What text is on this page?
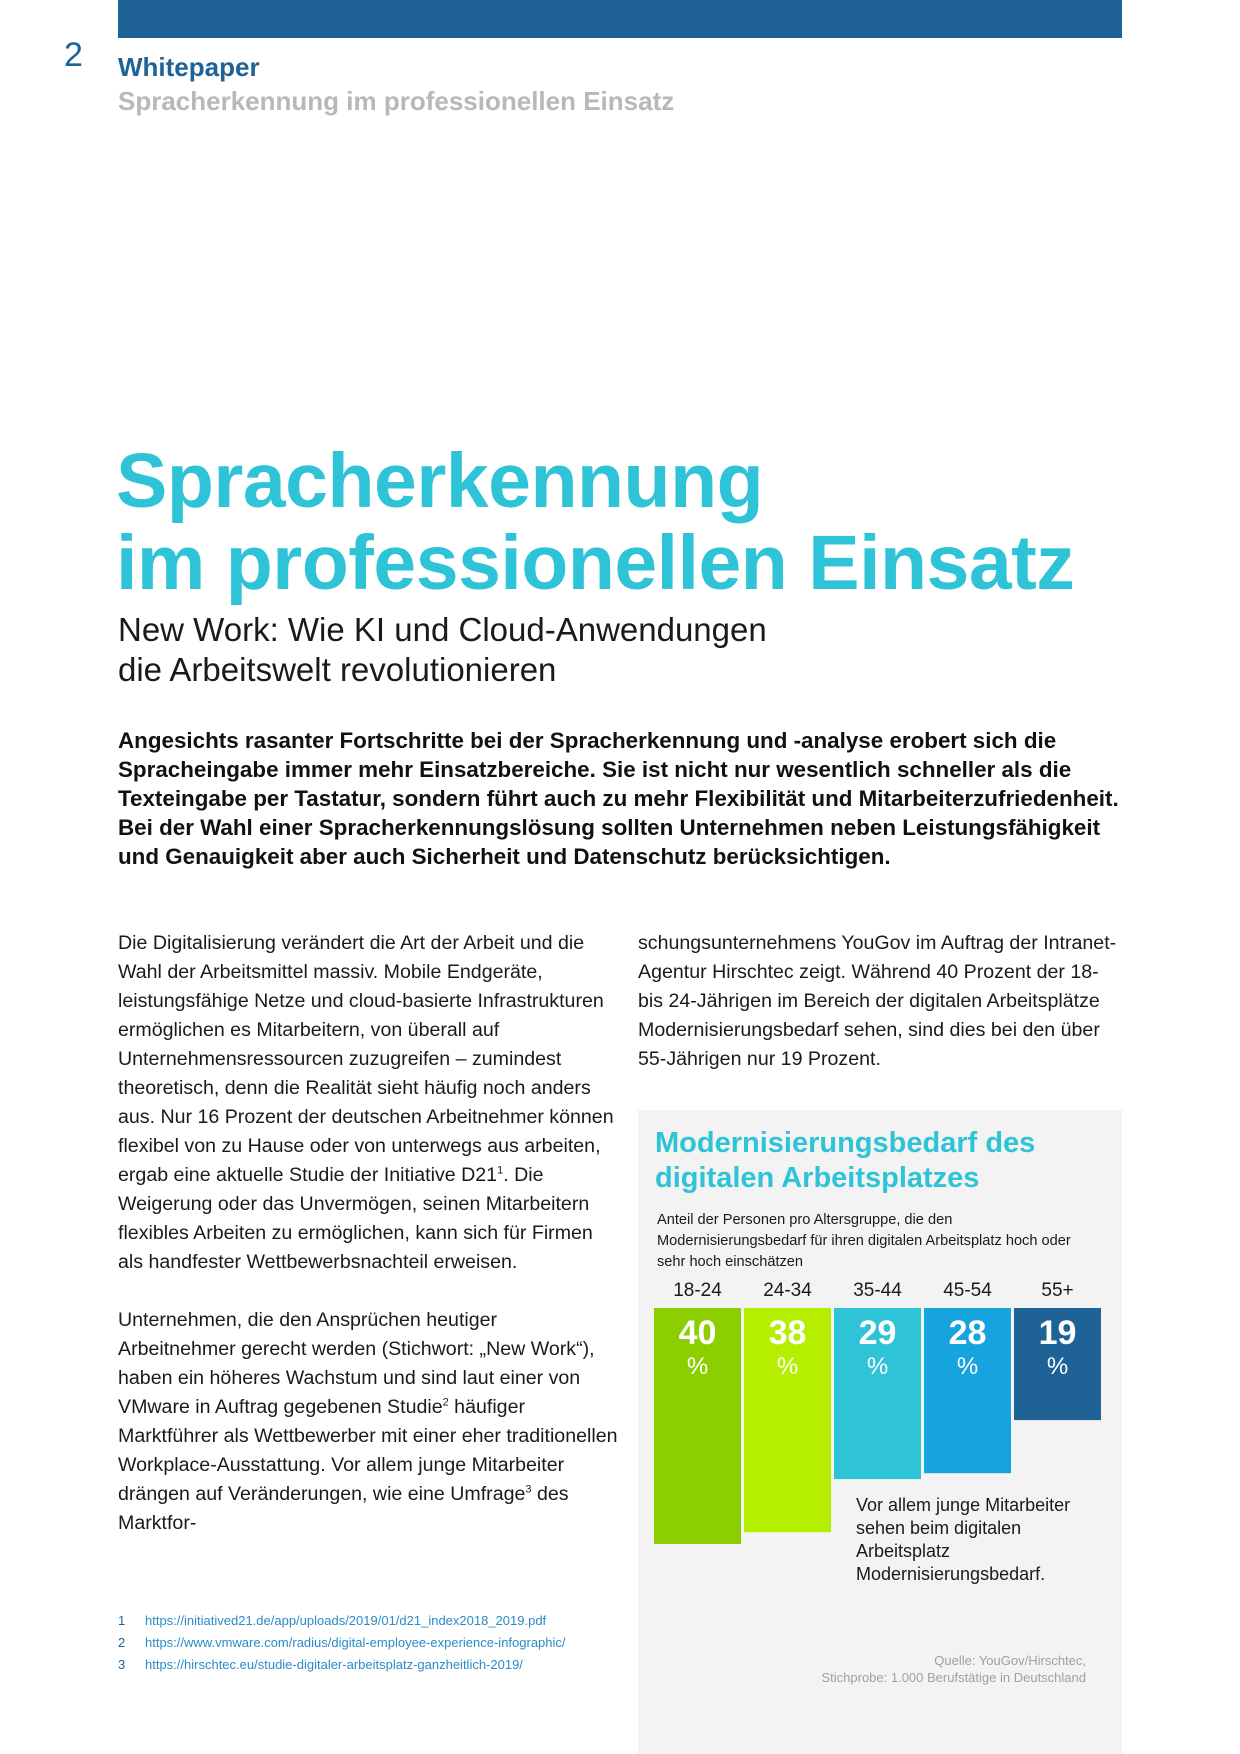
2 Whitepaper
Spracherkennung im professionellen Einsatz
Spracherkennung
im professionellen Einsatz
New Work: Wie KI und Cloud-Anwendungen
die Arbeitswelt revolutionieren

Angesichts rasanter Fortschritte bei der Spracherkennung und -analyse erobert sich die Spracheingabe immer mehr Einsatzbereiche. Sie ist nicht nur wesentlich schneller als die Texteingabe per Tastatur, sondern führt auch zu mehr Flexibilität und Mitarbeiterzufriedenheit. Bei der Wahl einer Spracherkennungslösung sollten Unternehmen neben Leistungsfähigkeit und Genauigkeit aber auch Sicherheit und Datenschutz berücksichtigen.

Die Digitalisierung verändert die Art der Arbeit und die Wahl der Arbeitsmittel massiv. Mobile Endgeräte, leistungsfähige Netze und cloud-basierte Infrastrukturen ermöglichen es Mitarbeitern, von überall auf Unternehmensressourcen zuzugreifen – zumindest theoretisch, denn die Realität sieht häufig noch anders aus. Nur 16 Prozent der deutschen Arbeitnehmer können flexibel von zu Hause oder von unterwegs aus arbeiten, ergab eine aktuelle Studie der Initiative $D21^1$. Die Weigerung oder das Unvermögen, seinen Mitarbeitern flexibles Arbeiten zu ermöglichen, kann sich für Firmen als handfester Wettbewerbsnachteil erweisen.

Unternehmen, die den Ansprüchen heutiger Arbeitnehmer gerecht werden (Stichwort: „New Work“), haben ein höheres Wachstum und sind laut einer von VMware in Auftrag gegebenen Studie$^2$ häufiger Marktführer als Wettbewerber mit einer eher traditionellen Workplace-Ausstattung. Vor allem junge Mitarbeiter drängen auf Veränderungen, wie eine Umfrage$^3$ des Marktfor-

schungsunternehmens YouGov im Auftrag der Intranet-Agentur Hirschtec zeigt. Während 40 Prozent der 18- bis 24-Jährigen im Bereich der digitalen Arbeitsplätze Modernisierungsbedarf sehen, sind dies bei den über 55-Jährigen nur 19 Prozent.

1	https://initiatived21.de/app/uploads/2019/01/d21_index2018_2019.pdf
2	https://www.vmware.com/radius/digital-employee-experience-infographic/
3	https://hirschtec.eu/studie-digitaler-arbeitsplatz-ganzheitlich-2019/
Modernisierungsbedarf des digitalen Arbeitsplatzes

Anteil der Personen pro Altersgruppe, die den Modernisierungsbedarf für ihren digitalen Arbeitsplatz hoch oder sehr hoch einschätzen

18-24
40
%
24-34
38
%
35-44
29
%
45-54
28
%
55+
19
%

Vor allem junge Mitarbeiter sehen beim digitalen Arbeitsplatz Modernisierungsbedarf.

Quelle: YouGov/Hirschtec,
Stichprobe: 1.000 Berufstätige in Deutschland
